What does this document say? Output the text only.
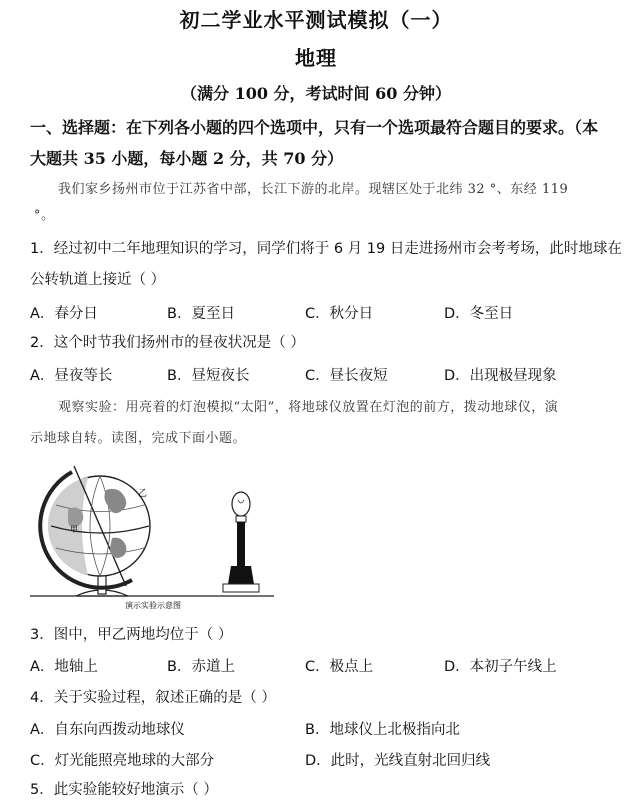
初二学业水平测试模拟（一）
地理
（满分 100 分，考试时间 60 分钟）
一、选择题：在下列各小题的四个选项中，只有一个选项最符合题目的要求。（本
大题共 35 小题，每小题 2 分，共 70 分）
我们家乡扬州市位于江苏省中部，长江下游的北岸。现辖区处于北纬 32 °、东经 119
°。
1．经过初中二年地理知识的学习，同学们将于 6 月 19 日走进扬州市会考考场，此时地球在
公转轨道上接近（ ）
A．春分日	B．夏至日	C．秋分日	D．冬至日
2．这个时节我们扬州市的昼夜状况是（ ）
A．昼夜等长	B．昼短夜长	C．昼长夜短	D．出现极昼现象
观察实验：用亮着的灯泡模拟“太阳”，将地球仪放置在灯泡的前方，拨动地球仪，演
示地球自转。读图，完成下面小题。
甲
乙
演示实验示意图
3．图中，甲乙两地均位于（ ）
A．地轴上	B．赤道上	C．极点上	D．本初子午线上
4．关于实验过程，叙述正确的是（ ）
A．自东向西拨动地球仪	B．地球仪上北极指向北
C．灯光能照亮地球的大部分	D．此时，光线直射北回归线
5．此实验能较好地演示（ ）
